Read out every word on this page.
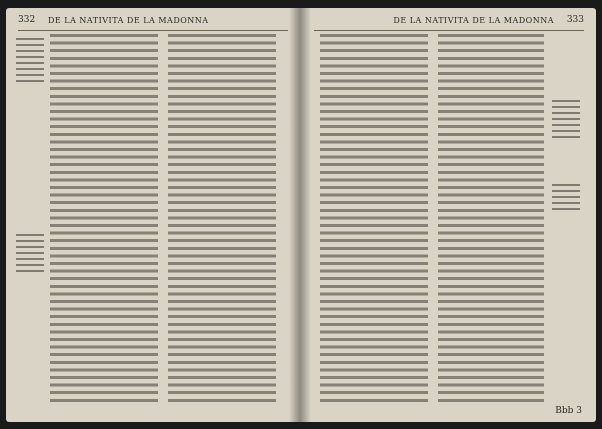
332	DE LA NATIVITA DE LA MADONNA	333
DE LA NATIVITA DE LA MADONNA
Bbb 3
